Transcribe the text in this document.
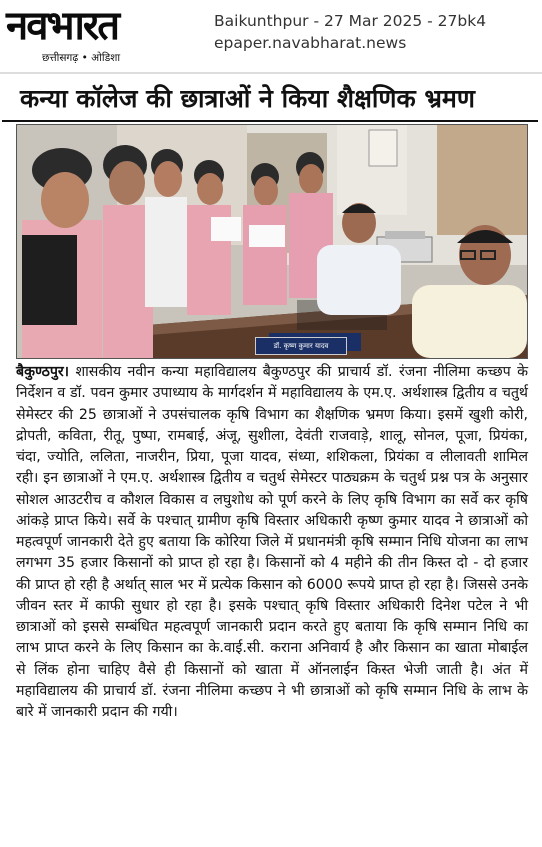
नवभारत
छत्तीसगढ़ • ओडिशा
Baikunthpur - 27 Mar 2025 - 27bk4
epaper.navabharat.news
कन्या कॉलेज की छात्राओं ने किया शैक्षणिक भ्रमण
डॉ. कृष्ण कुमार यादव
बैकुण्ठपुर। शासकीय नवीन कन्या महाविद्यालय बैकुण्ठपुर की प्राचार्य डॉ. रंजना नीलिमा कच्छप के निर्देशन व डॉ. पवन कुमार उपाध्याय के मार्गदर्शन में महाविद्यालय के एम.ए. अर्थशास्त्र द्वितीय व चतुर्थ सेमेस्टर की 25 छात्राओं ने उपसंचालक कृषि विभाग का शैक्षणिक भ्रमण किया। इसमें खुशी कोरी, द्रोपती, कविता, रीतू, पुष्पा, रामबाई, अंजू, सुशीला, देवंती राजवाड़े, शालू, सोनल, पूजा, प्रियंका, चंदा, ज्योति, ललिता, नाजरीन, प्रिया, पूजा यादव, संध्या, शशिकला, प्रियंका व लीलावती शामिल रही। इन छात्राओं ने एम.ए. अर्थशास्त्र द्वितीय व चतुर्थ सेमेस्टर पाठ्यक्रम के चतुर्थ प्रश्न पत्र के अनुसार सोशल आउटरीच व कौशल विकास व लघुशोध को पूर्ण करने के लिए कृषि विभाग का सर्वे कर कृषि आंकड़े प्राप्त किये। सर्वे के पश्चात् ग्रामीण कृषि विस्तार अधिकारी कृष्ण कुमार यादव ने छात्राओं को महत्वपूर्ण जानकारी देते हुए बताया कि कोरिया जिले में प्रधानमंत्री कृषि सम्मान निधि योजना का लाभ लगभग 35 हजार किसानों को प्राप्त हो रहा है। किसानों को 4 महीने की तीन किस्त दो - दो हजार की प्राप्त हो रही है अर्थात् साल भर में प्रत्येक किसान को 6000 रूपये प्राप्त हो रहा है। जिससे उनके जीवन स्तर में काफी सुधार हो रहा है। इसके पश्चात् कृषि विस्तार अधिकारी दिनेश पटेल ने भी छात्राओं को इससे सम्बंधित महत्वपूर्ण जानकारी प्रदान करते हुए बताया कि कृषि सम्मान निधि का लाभ प्राप्त करने के लिए किसान का के.वाई.सी. कराना अनिवार्य है और किसान का खाता मोबाईल से लिंक होना चाहिए वैसे ही किसानों को खाता में ऑनलाईन किस्त भेजी जाती है। अंत में महाविद्यालय की प्राचार्य डॉ. रंजना नीलिमा कच्छप ने भी छात्राओं को कृषि सम्मान निधि के लाभ के बारे में जानकारी प्रदान की गयी।
